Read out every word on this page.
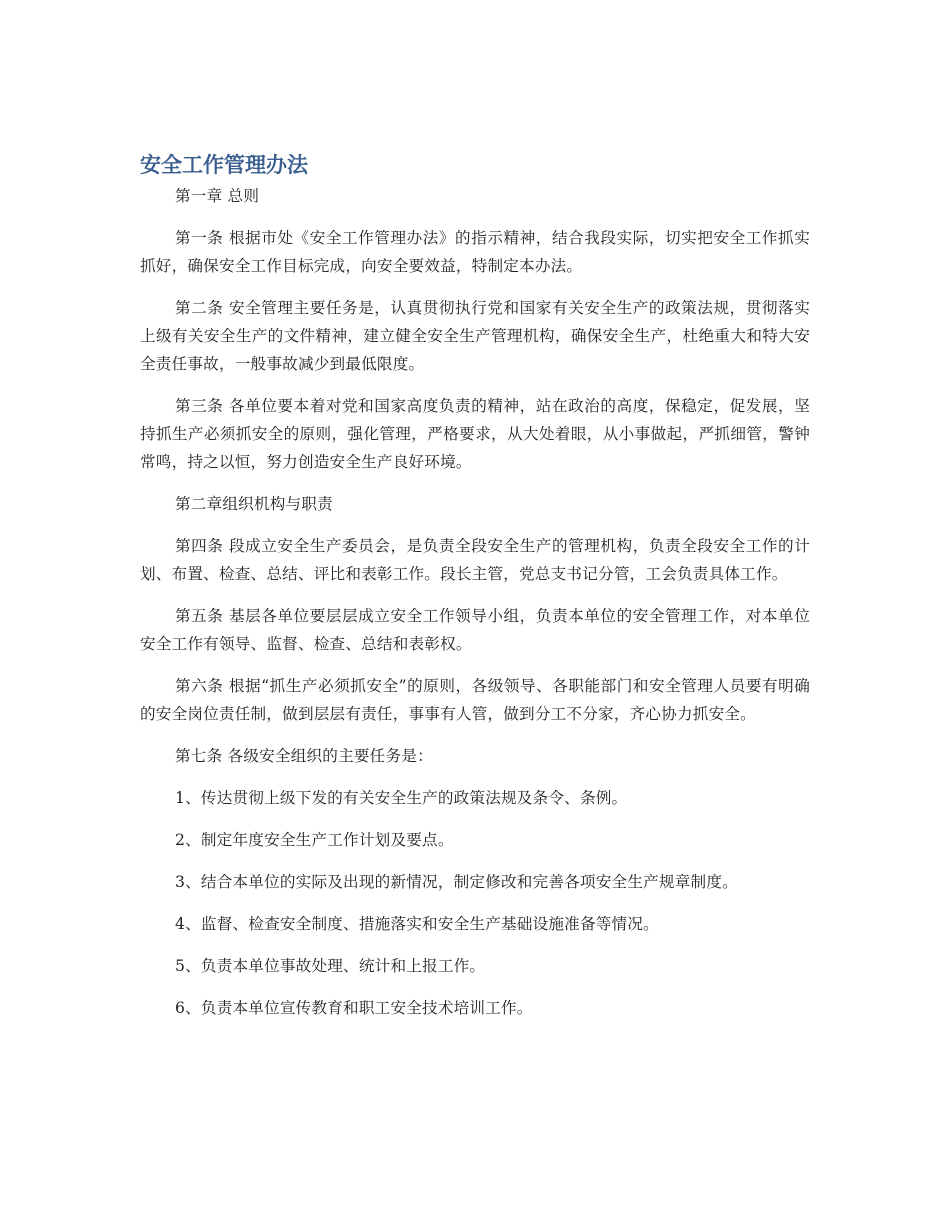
安全工作管理办法

第一章 总则

第一条 根据市处《安全工作管理办法》的指示精神，结合我段实际，切实把安全工作抓实抓好，确保安全工作目标完成，向安全要效益，特制定本办法。

第二条 安全管理主要任务是，认真贯彻执行党和国家有关安全生产的政策法规，贯彻落实上级有关安全生产的文件精神，建立健全安全生产管理机构，确保安全生产，杜绝重大和特大安全责任事故，一般事故减少到最低限度。

第三条 各单位要本着对党和国家高度负责的精神，站在政治的高度，保稳定，促发展，坚持抓生产必须抓安全的原则，强化管理，严格要求，从大处着眼，从小事做起，严抓细管，警钟常鸣，持之以恒，努力创造安全生产良好环境。

第二章组织机构与职责

第四条 段成立安全生产委员会，是负责全段安全生产的管理机构，负责全段安全工作的计划、布置、检查、总结、评比和表彰工作。段长主管，党总支书记分管，工会负责具体工作。

第五条 基层各单位要层层成立安全工作领导小组，负责本单位的安全管理工作，对本单位安全工作有领导、监督、检查、总结和表彰权。

第六条 根据“抓生产必须抓安全”的原则，各级领导、各职能部门和安全管理人员要有明确的安全岗位责任制，做到层层有责任，事事有人管，做到分工不分家，齐心协力抓安全。

第七条 各级安全组织的主要任务是：

1、传达贯彻上级下发的有关安全生产的政策法规及条令、条例。

2、制定年度安全生产工作计划及要点。

3、结合本单位的实际及出现的新情况，制定修改和完善各项安全生产规章制度。

4、监督、检查安全制度、措施落实和安全生产基础设施准备等情况。

5、负责本单位事故处理、统计和上报工作。

6、负责本单位宣传教育和职工安全技术培训工作。
